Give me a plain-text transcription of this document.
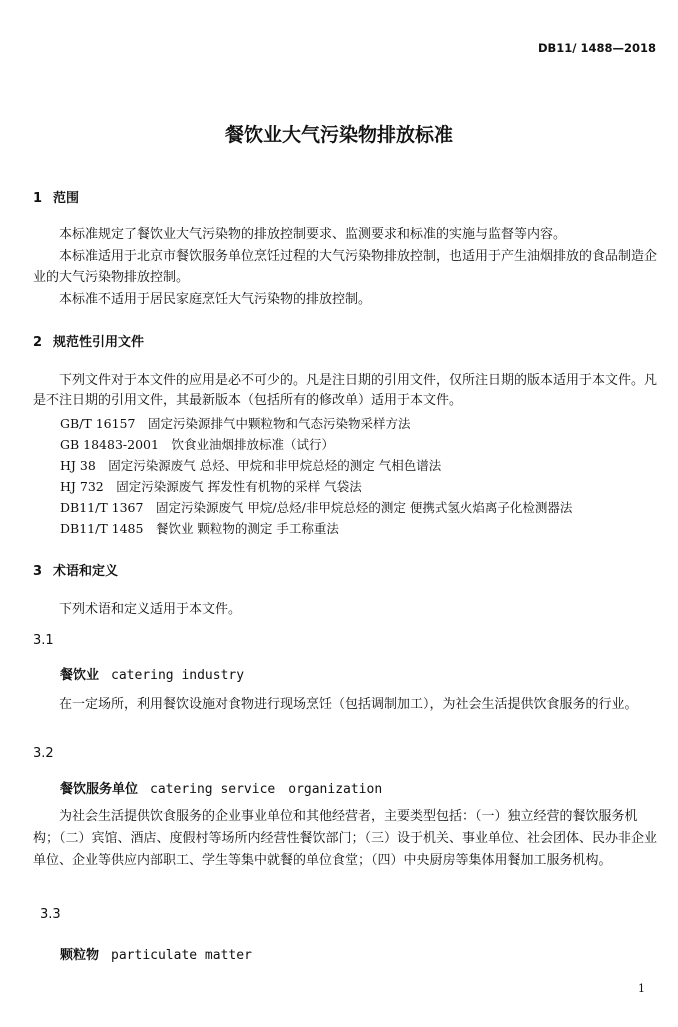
DB11/ 1488—2018
餐饮业大气污染物排放标准
1 范围
本标准规定了餐饮业大气污染物的排放控制要求、监测要求和标准的实施与监督等内容。
本标准适用于北京市餐饮服务单位烹饪过程的大气污染物排放控制，也适用于产生油烟排放的食品制造企业的大气污染物排放控制。
本标准不适用于居民家庭烹饪大气污染物的排放控制。
2 规范性引用文件
下列文件对于本文件的应用是必不可少的。凡是注日期的引用文件，仅所注日期的版本适用于本文件。凡是不注日期的引用文件，其最新版本（包括所有的修改单）适用于本文件。
GB/T 16157　固定污染源排气中颗粒物和气态污染物采样方法
GB 18483-2001　饮食业油烟排放标准（试行）
HJ 38　固定污染源废气 总烃、甲烷和非甲烷总烃的测定 气相色谱法
HJ 732　固定污染源废气 挥发性有机物的采样 气袋法
DB11/T 1367　固定污染源废气 甲烷/总烃/非甲烷总烃的测定 便携式氢火焰离子化检测器法
DB11/T 1485　餐饮业 颗粒物的测定 手工称重法
3 术语和定义
下列术语和定义适用于本文件。
3.1
餐饮业 catering industry
在一定场所，利用餐饮设施对食物进行现场烹饪（包括调制加工），为社会生活提供饮食服务的行业。
3.2
餐饮服务单位 catering service　organization
为社会生活提供饮食服务的企业事业单位和其他经营者，主要类型包括：（一）独立经营的餐饮服务机构；（二）宾馆、酒店、度假村等场所内经营性餐饮部门；（三）设于机关、事业单位、社会团体、民办非企业单位、企业等供应内部职工、学生等集中就餐的单位食堂；（四）中央厨房等集体用餐加工服务机构。
3.3
颗粒物 particulate matter
1
